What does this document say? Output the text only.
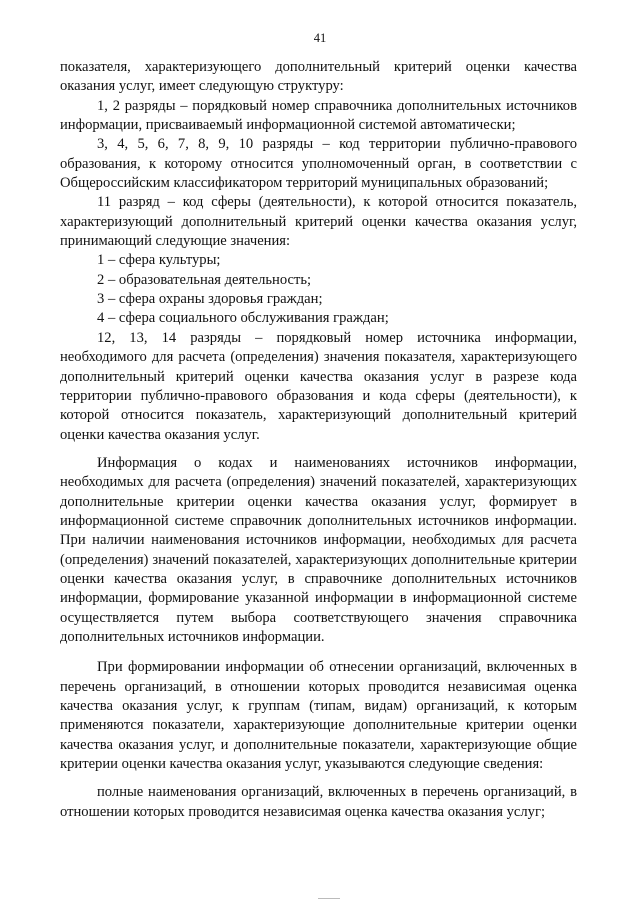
41

показателя, характеризующего дополнительный критерий оценки качества оказания услуг, имеет следующую структуру:

1, 2 разряды – порядковый номер справочника дополнительных источников информации, присваиваемый информационной системой автоматически;

3, 4, 5, 6, 7, 8, 9, 10 разряды – код территории публично-правового образования, к которому относится уполномоченный орган, в соответствии с Общероссийским классификатором территорий муниципальных образований;

11 разряд – код сферы (деятельности), к которой относится показатель, характеризующий дополнительный критерий оценки качества оказания услуг, принимающий следующие значения:

1 – сфера культуры;

2 – образовательная деятельность;

3 – сфера охраны здоровья граждан;

4 – сфера социального обслуживания граждан;

12, 13, 14 разряды – порядковый номер источника информации, необходимого для расчета (определения) значения показателя, характеризующего дополнительный критерий оценки качества оказания услуг в разрезе кода территории публично-правового образования и кода сферы (деятельности), к которой относится показатель, характеризующий дополнительный критерий оценки качества оказания услуг.

Информация о кодах и наименованиях источников информации, необходимых для расчета (определения) значений показателей, характеризующих дополнительные критерии оценки качества оказания услуг, формирует в информационной системе справочник дополнительных источников информации. При наличии наименования источников информации, необходимых для расчета (определения) значений показателей, характеризующих дополнительные критерии оценки качества оказания услуг, в справочнике дополнительных источников информации, формирование указанной информации в информационной системе осуществляется путем выбора соответствующего значения справочника дополнительных источников информации.

При формировании информации об отнесении организаций, включенных в перечень организаций, в отношении которых проводится независимая оценка качества оказания услуг, к группам (типам, видам) организаций, к которым применяются показатели, характеризующие дополнительные критерии оценки качества оказания услуг, и дополнительные показатели, характеризующие общие критерии оценки качества оказания услуг, указываются следующие сведения:

полные наименования организаций, включенных в перечень организаций, в отношении которых проводится независимая оценка качества оказания услуг;
